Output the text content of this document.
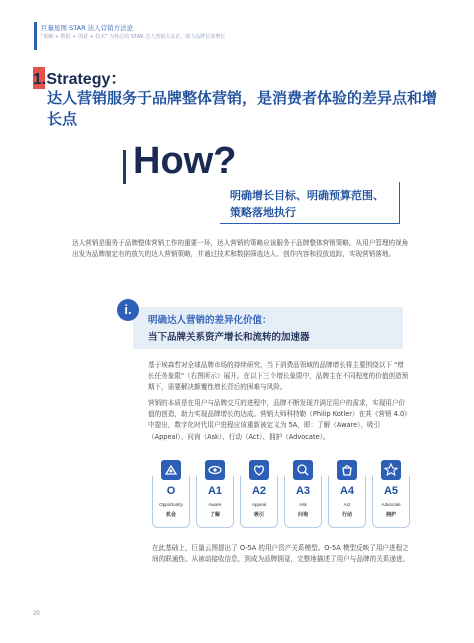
巨量星图 STAR 达人营销方法论
"策略 + 数据 + 创意 + 技术" 为核心的 STAR 达人营销方法论，助力品牌长效增长
1.Strategy：
达人营销服务于品牌整体营销，是消费者体验的差异点和增长点
How?
明确增长目标、明确预算范围、
策略落地执行
达人营销是服务于品牌整体营销工作的重要一环，达人营销的策略应该服务于品牌整体营销策略。从用户管理的视角出发为品牌制定有的放矢的达人营销策略，并通过技术和数据筛选达人、创作内容和投放追踪，实现营销落地。
i.
明确达人营销的差异化价值：
当下品牌关系资产增长和流转的加速器
基于埃森哲对全球品牌市场的持续研究，当下消费品领域的品牌增长将主要围绕以下 "增长任务象限"（右图所示）展开。在以下三个增长象限中，品牌主在不同程度的价值创造预期下，需要解决颠覆性增长背后的困难与风险。
营销的本质是在用户与品牌交互的进程中，品牌不断发现并满足用户的需求，实现用户价值的创造，助力实现品牌增长的达成。营销大师科特勒（Philip Kotler）在其《营销 4.0》中提出，数字化时代用户进程应该重新被定义为 5A，即：了解（Aware）、吸引（Appeal）、问询（Ask）、行动（Act）、拥护（Advocate）。
O
Opportunity
机会
A1
Aware
了解
A2
Appeal
吸引
A3
Ask
问询
A4
Act
行动
A5
Advocate
拥护
在此基础上，巨量云图提出了 O-5A 的用户资产关系模型。O-5A 模型反映了用户进程之间的联通性、从被动接收信息，到成为品牌拥趸，完整地描述了用户与品牌的关系递进。
20
